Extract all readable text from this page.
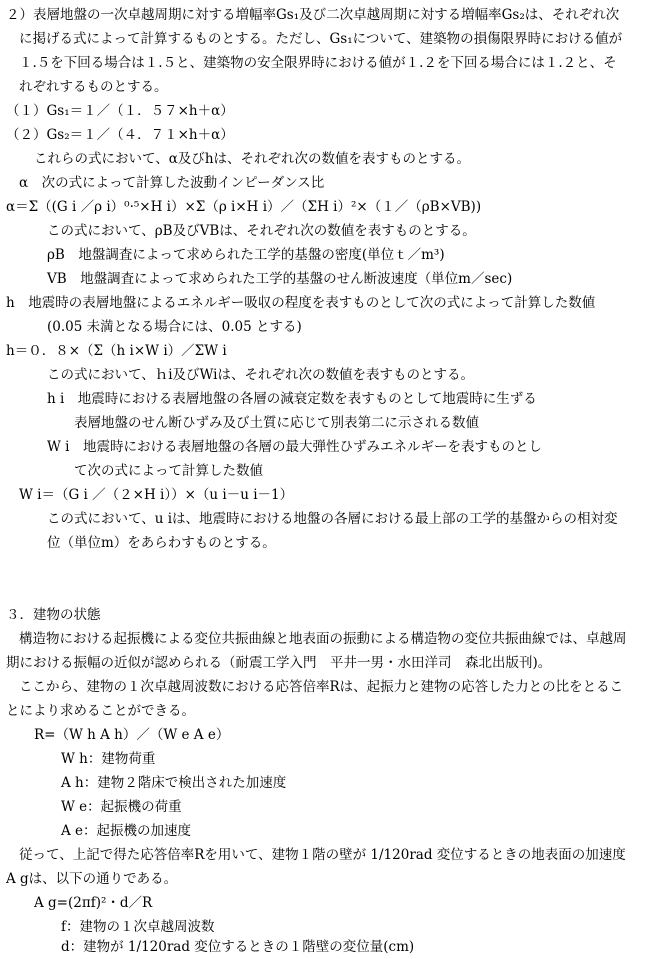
２）表層地盤の一次卓越周期に対する増幅率Gs₁及び二次卓越周期に対する増幅率Gs₂は、それぞれ次
に掲げる式によって計算するものとする。ただし、Gs₁について、建築物の損傷限界時における値が
１.５を下回る場合は１.５と、建築物の安全限界時における値が１.２を下回る場合には１.２と、そ
れぞれするものとする。
（１）Gs₁＝１／（１．５７×h＋α）
（２）Gs₂＝１／（４．７１×h＋α）
これらの式において、α及びhは、それぞれ次の数値を表すものとする。
α　次の式によって計算した波動インピーダンス比
α＝Σ（(G i ／ρ i）⁰·⁵×H i）×Σ（ρ i×H i）／（ΣH i）²×（１／（ρB×VB))
この式において、ρB及びVBは、それぞれ次の数値を表すものとする。
ρB　地盤調査によって求められた工学的基盤の密度(単位ｔ／m³)
VB　地盤調査によって求められた工学的基盤のせん断波速度（単位m／sec)
h　地震時の表層地盤によるエネルギー吸収の程度を表すものとして次の式によって計算した数値
(0.05 未満となる場合には、0.05 とする)
h＝０．８×（Σ（h i×W i）／ΣW i
この式において、ｈi及びWiは、それぞれ次の数値を表すものとする。
h i　地震時における表層地盤の各層の減衰定数を表すものとして地震時に生ずる
表層地盤のせん断ひずみ及び土質に応じて別表第二に示される数値
W i　地震時における表層地盤の各層の最大弾性ひずみエネルギーを表すものとし
て次の式によって計算した数値
W i＝（G i ／（２×H i））×（u i－u i－1）
この式において、u iは、地震時における地盤の各層における最上部の工学的基盤からの相対変
位（単位m）をあらわすものとする。
３．建物の状態
構造物における起振機による変位共振曲線と地表面の振動による構造物の変位共振曲線では、卓越周
期における振幅の近似が認められる（耐震工学入門　平井一男・水田洋司　森北出版刊)。
ここから、建物の１次卓越周波数における応答倍率Rは、起振力と建物の応答した力との比をとるこ
とにより求めることができる。
R=（W h A h）／（W e A e）
W h：建物荷重
A h：建物２階床で検出された加速度
W e：起振機の荷重
A e：起振機の加速度
従って、上記で得た応答倍率Rを用いて、建物１階の壁が 1/120rad 変位するときの地表面の加速度
A gは、以下の通りである。
A g=(2πf)²・d／R
f：建物の１次卓越周波数
d：建物が 1/120rad 変位するときの１階壁の変位量(cm)
